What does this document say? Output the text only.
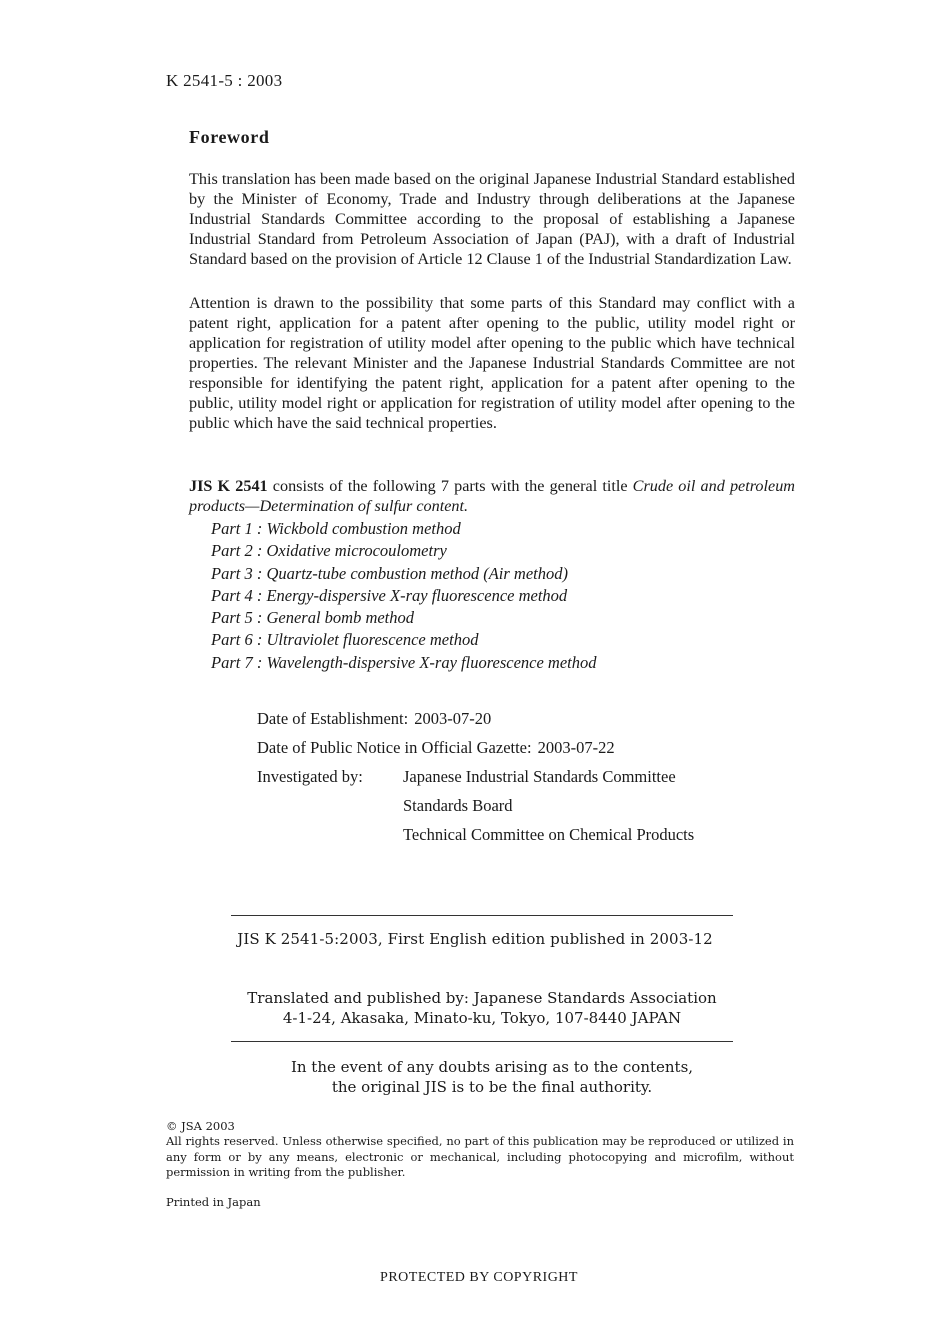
K 2541-5 : 2003
Foreword
This translation has been made based on the original Japanese Industrial Standard established by the Minister of Economy, Trade and Industry through deliberations at the Japanese Industrial Standards Committee according to the proposal of establishing a Japanese Industrial Standard from Petroleum Association of Japan (PAJ), with a draft of Industrial Standard based on the provision of Article 12 Clause 1 of the Industrial Standardization Law.
Attention is drawn to the possibility that some parts of this Standard may conflict with a patent right, application for a patent after opening to the public, utility model right or application for registration of utility model after opening to the public which have technical properties. The relevant Minister and the Japanese Industrial Standards Committee are not responsible for identifying the patent right, application for a patent after opening to the public, utility model right or application for registration of utility model after opening to the public which have the said technical properties.
JIS K 2541 consists of the following 7 parts with the general title Crude oil and petroleum products—Determination of sulfur content.
Part 1 : Wickbold combustion method
Part 2 : Oxidative microcoulometry
Part 3 : Quartz-tube combustion method (Air method)
Part 4 : Energy-dispersive X-ray fluorescence method
Part 5 : General bomb method
Part 6 : Ultraviolet fluorescence method
Part 7 : Wavelength-dispersive X-ray fluorescence method
Date of Establishment: 2003-07-20
Date of Public Notice in Official Gazette: 2003-07-22
Investigated by: Japanese Industrial Standards Committee
Standards Board
Technical Committee on Chemical Products
JIS K 2541-5:2003, First English edition published in 2003-12
Translated and published by: Japanese Standards Association
4-1-24, Akasaka, Minato-ku, Tokyo, 107-8440 JAPAN
In the event of any doubts arising as to the contents,
the original JIS is to be the final authority.
© JSA 2003
All rights reserved. Unless otherwise specified, no part of this publication may be reproduced or utilized in any form or by any means, electronic or mechanical, including photocopying and microfilm, without permission in writing from the publisher.
Printed in Japan
PROTECTED BY COPYRIGHT
